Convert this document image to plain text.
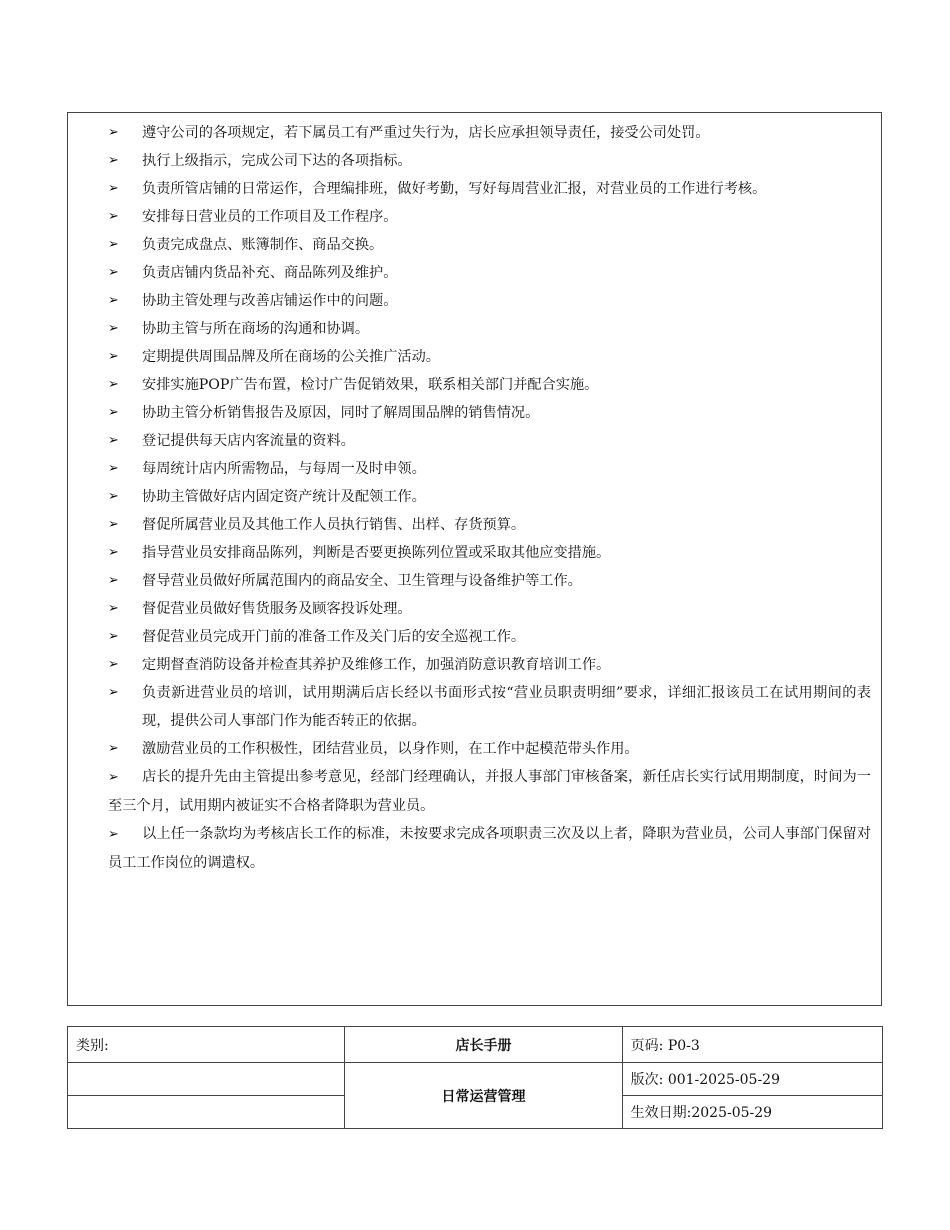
➢	遵守公司的各项规定，若下属员工有严重过失行为，店长应承担领导责任，接受公司处罚。
➢	执行上级指示，完成公司下达的各项指标。
➢	负责所管店铺的日常运作，合理编排班，做好考勤，写好每周营业汇报，对营业员的工作进行考核。
➢	安排每日营业员的工作项目及工作程序。
➢	负责完成盘点、账簿制作、商品交换。
➢	负责店铺内货品补充、商品陈列及维护。
➢	协助主管处理与改善店铺运作中的问题。
➢	协助主管与所在商场的沟通和协调。
➢	定期提供周围品牌及所在商场的公关推广活动。
➢	安排实施POP广告布置，检讨广告促销效果，联系相关部门并配合实施。
➢	协助主管分析销售报告及原因，同时了解周围品牌的销售情况。
➢	登记提供每天店内客流量的资料。
➢	每周统计店内所需物品，与每周一及时申领。
➢	协助主管做好店内固定资产统计及配领工作。
➢	督促所属营业员及其他工作人员执行销售、出样、存货预算。
➢	指导营业员安排商品陈列，判断是否要更换陈列位置或采取其他应变措施。
➢	督导营业员做好所属范围内的商品安全、卫生管理与设备维护等工作。
➢	督促营业员做好售货服务及顾客投诉处理。
➢	督促营业员完成开门前的准备工作及关门后的安全巡视工作。
➢	定期督查消防设备并检查其养护及维修工作，加强消防意识教育培训工作。
➢	负责新进营业员的培训，试用期满后店长经以书面形式按“营业员职责明细”要求，详细汇报该员工在试用期间的表现，提供公司人事部门作为能否转正的依据。
➢	激励营业员的工作积极性，团结营业员，以身作则，在工作中起模范带头作用。

➢ 店长的提升先由主管提出参考意见，经部门经理确认，并报人事部门审核备案，新任店长实行试用期制度，时间为一至三个月，试用期内被证实不合格者降职为营业员。

➢ 以上任一条款均为考核店长工作的标准，未按要求完成各项职责三次及以上者，降职为营业员，公司人事部门保留对员工工作岗位的调遣权。

类别:	店长手册	页码: P0-3
	日常运营管理	版次: 001-2025-05-29
		生效日期:2025-05-29
